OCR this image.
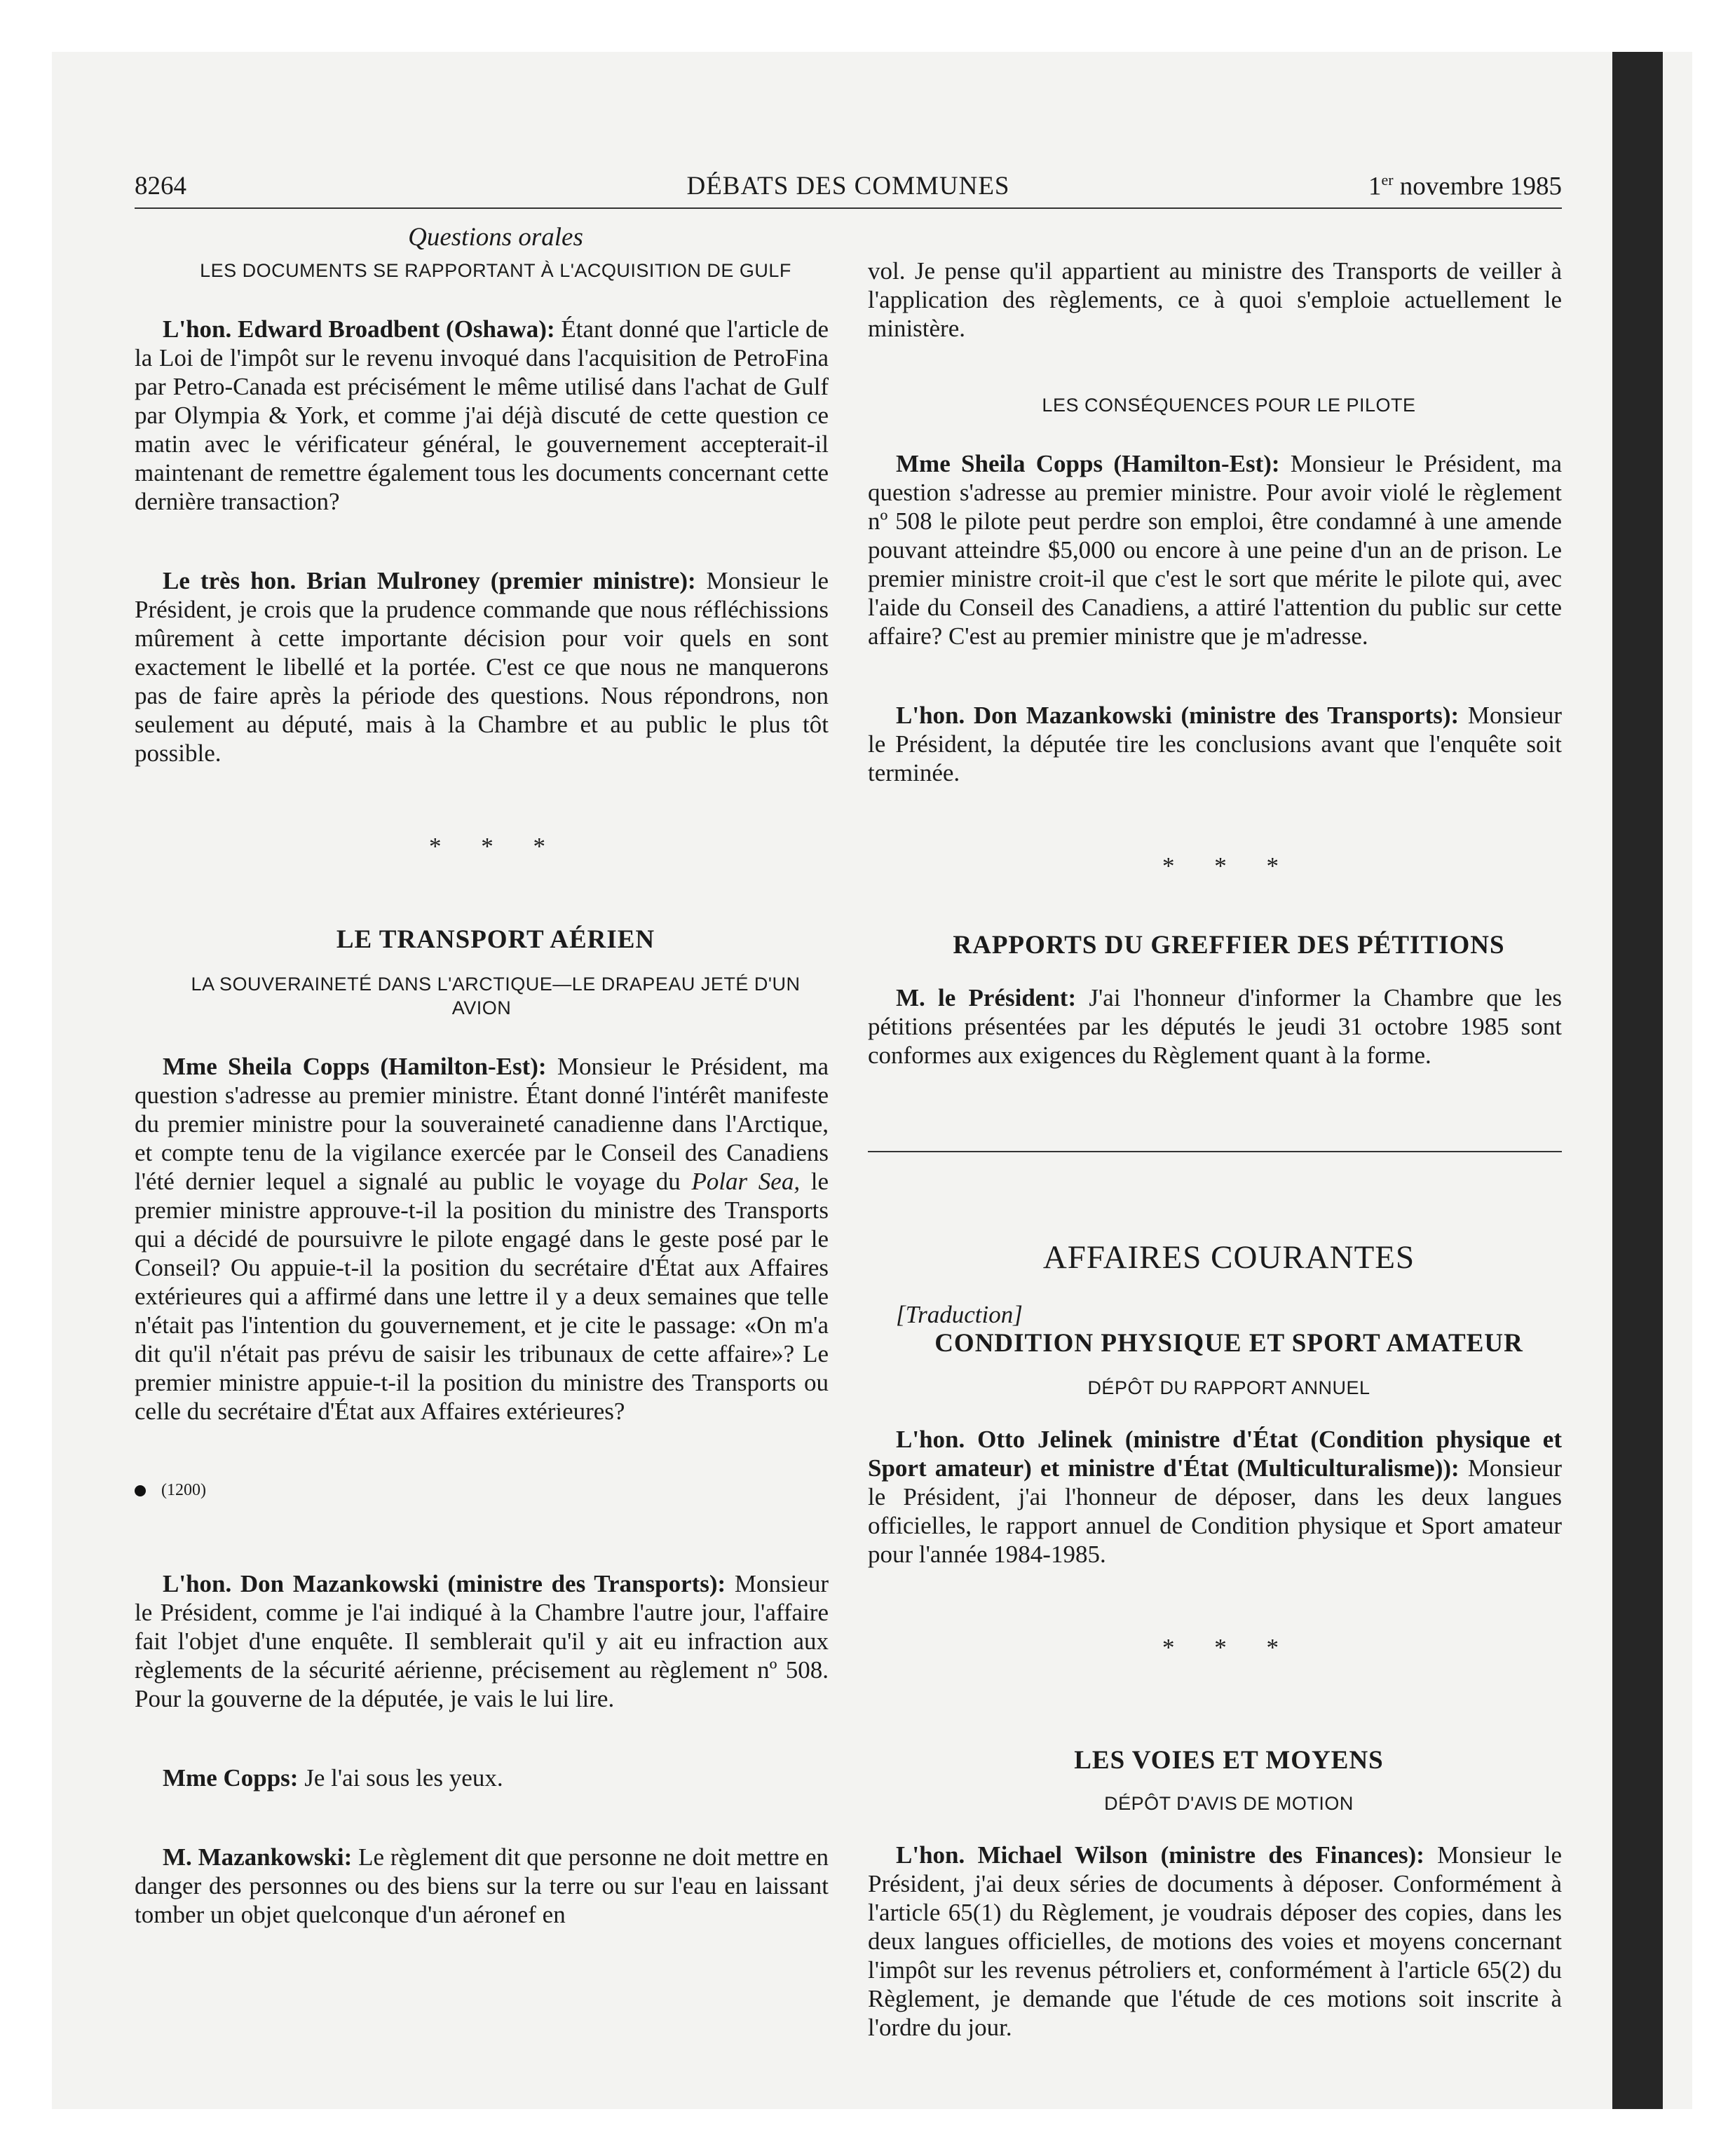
8264	DÉBATS DES COMMUNES	1er novembre 1985

Questions orales

LES DOCUMENTS SE RAPPORTANT À L'ACQUISITION DE GULF

L'hon. Edward Broadbent (Oshawa): Étant donné que l'article de la Loi de l'impôt sur le revenu invoqué dans l'acquisition de PetroFina par Petro-Canada est précisément le même utilisé dans l'achat de Gulf par Olympia & York, et comme j'ai déjà discuté de cette question ce matin avec le vérificateur général, le gouvernement accepterait-il maintenant de remettre également tous les documents concernant cette dernière transaction?

Le très hon. Brian Mulroney (premier ministre): Monsieur le Président, je crois que la prudence commande que nous réfléchissions mûrement à cette importante décision pour voir quels en sont exactement le libellé et la portée. C'est ce que nous ne manquerons pas de faire après la période des questions. Nous répondrons, non seulement au député, mais à la Chambre et au public le plus tôt possible.

* * *

LE TRANSPORT AÉRIEN

LA SOUVERAINETÉ DANS L'ARCTIQUE—LE DRAPEAU JETÉ D'UN AVION

Mme Sheila Copps (Hamilton-Est): Monsieur le Président, ma question s'adresse au premier ministre. Étant donné l'intérêt manifeste du premier ministre pour la souveraineté canadienne dans l'Arctique, et compte tenu de la vigilance exercée par le Conseil des Canadiens l'été dernier lequel a signalé au public le voyage du Polar Sea, le premier ministre approuve-t-il la position du ministre des Transports qui a décidé de poursuivre le pilote engagé dans le geste posé par le Conseil? Ou appuie-t-il la position du secrétaire d'État aux Affaires extérieures qui a affirmé dans une lettre il y a deux semaines que telle n'était pas l'intention du gouvernement, et je cite le passage: «On m'a dit qu'il n'était pas prévu de saisir les tribunaux de cette affaire»? Le premier ministre appuie-t-il la position du ministre des Transports ou celle du secrétaire d'État aux Affaires extérieures?

(1200)

L'hon. Don Mazankowski (ministre des Transports): Monsieur le Président, comme je l'ai indiqué à la Chambre l'autre jour, l'affaire fait l'objet d'une enquête. Il semblerait qu'il y ait eu infraction aux règlements de la sécurité aérienne, précisement au règlement nº 508. Pour la gouverne de la députée, je vais le lui lire.

Mme Copps: Je l'ai sous les yeux.

M. Mazankowski: Le règlement dit que personne ne doit mettre en danger des personnes ou des biens sur la terre ou sur l'eau en laissant tomber un objet quelconque d'un aéronef en

vol. Je pense qu'il appartient au ministre des Transports de veiller à l'application des règlements, ce à quoi s'emploie actuellement le ministère.

LES CONSÉQUENCES POUR LE PILOTE

Mme Sheila Copps (Hamilton-Est): Monsieur le Président, ma question s'adresse au premier ministre. Pour avoir violé le règlement nº 508 le pilote peut perdre son emploi, être condamné à une amende pouvant atteindre $5,000 ou encore à une peine d'un an de prison. Le premier ministre croit-il que c'est le sort que mérite le pilote qui, avec l'aide du Conseil des Canadiens, a attiré l'attention du public sur cette affaire? C'est au premier ministre que je m'adresse.

L'hon. Don Mazankowski (ministre des Transports): Monsieur le Président, la députée tire les conclusions avant que l'enquête soit terminée.

* * *

RAPPORTS DU GREFFIER DES PÉTITIONS

M. le Président: J'ai l'honneur d'informer la Chambre que les pétitions présentées par les députés le jeudi 31 octobre 1985 sont conformes aux exigences du Règlement quant à la forme.

AFFAIRES COURANTES

[Traduction]

CONDITION PHYSIQUE ET SPORT AMATEUR

DÉPÔT DU RAPPORT ANNUEL

L'hon. Otto Jelinek (ministre d'État (Condition physique et Sport amateur) et ministre d'État (Multiculturalisme)): Monsieur le Président, j'ai l'honneur de déposer, dans les deux langues officielles, le rapport annuel de Condition physique et Sport amateur pour l'année 1984-1985.

* * *

LES VOIES ET MOYENS

DÉPÔT D'AVIS DE MOTION

L'hon. Michael Wilson (ministre des Finances): Monsieur le Président, j'ai deux séries de documents à déposer. Conformément à l'article 65(1) du Règlement, je voudrais déposer des copies, dans les deux langues officielles, de motions des voies et moyens concernant l'impôt sur les revenus pétroliers et, conformément à l'article 65(2) du Règlement, je demande que l'étude de ces motions soit inscrite à l'ordre du jour.
